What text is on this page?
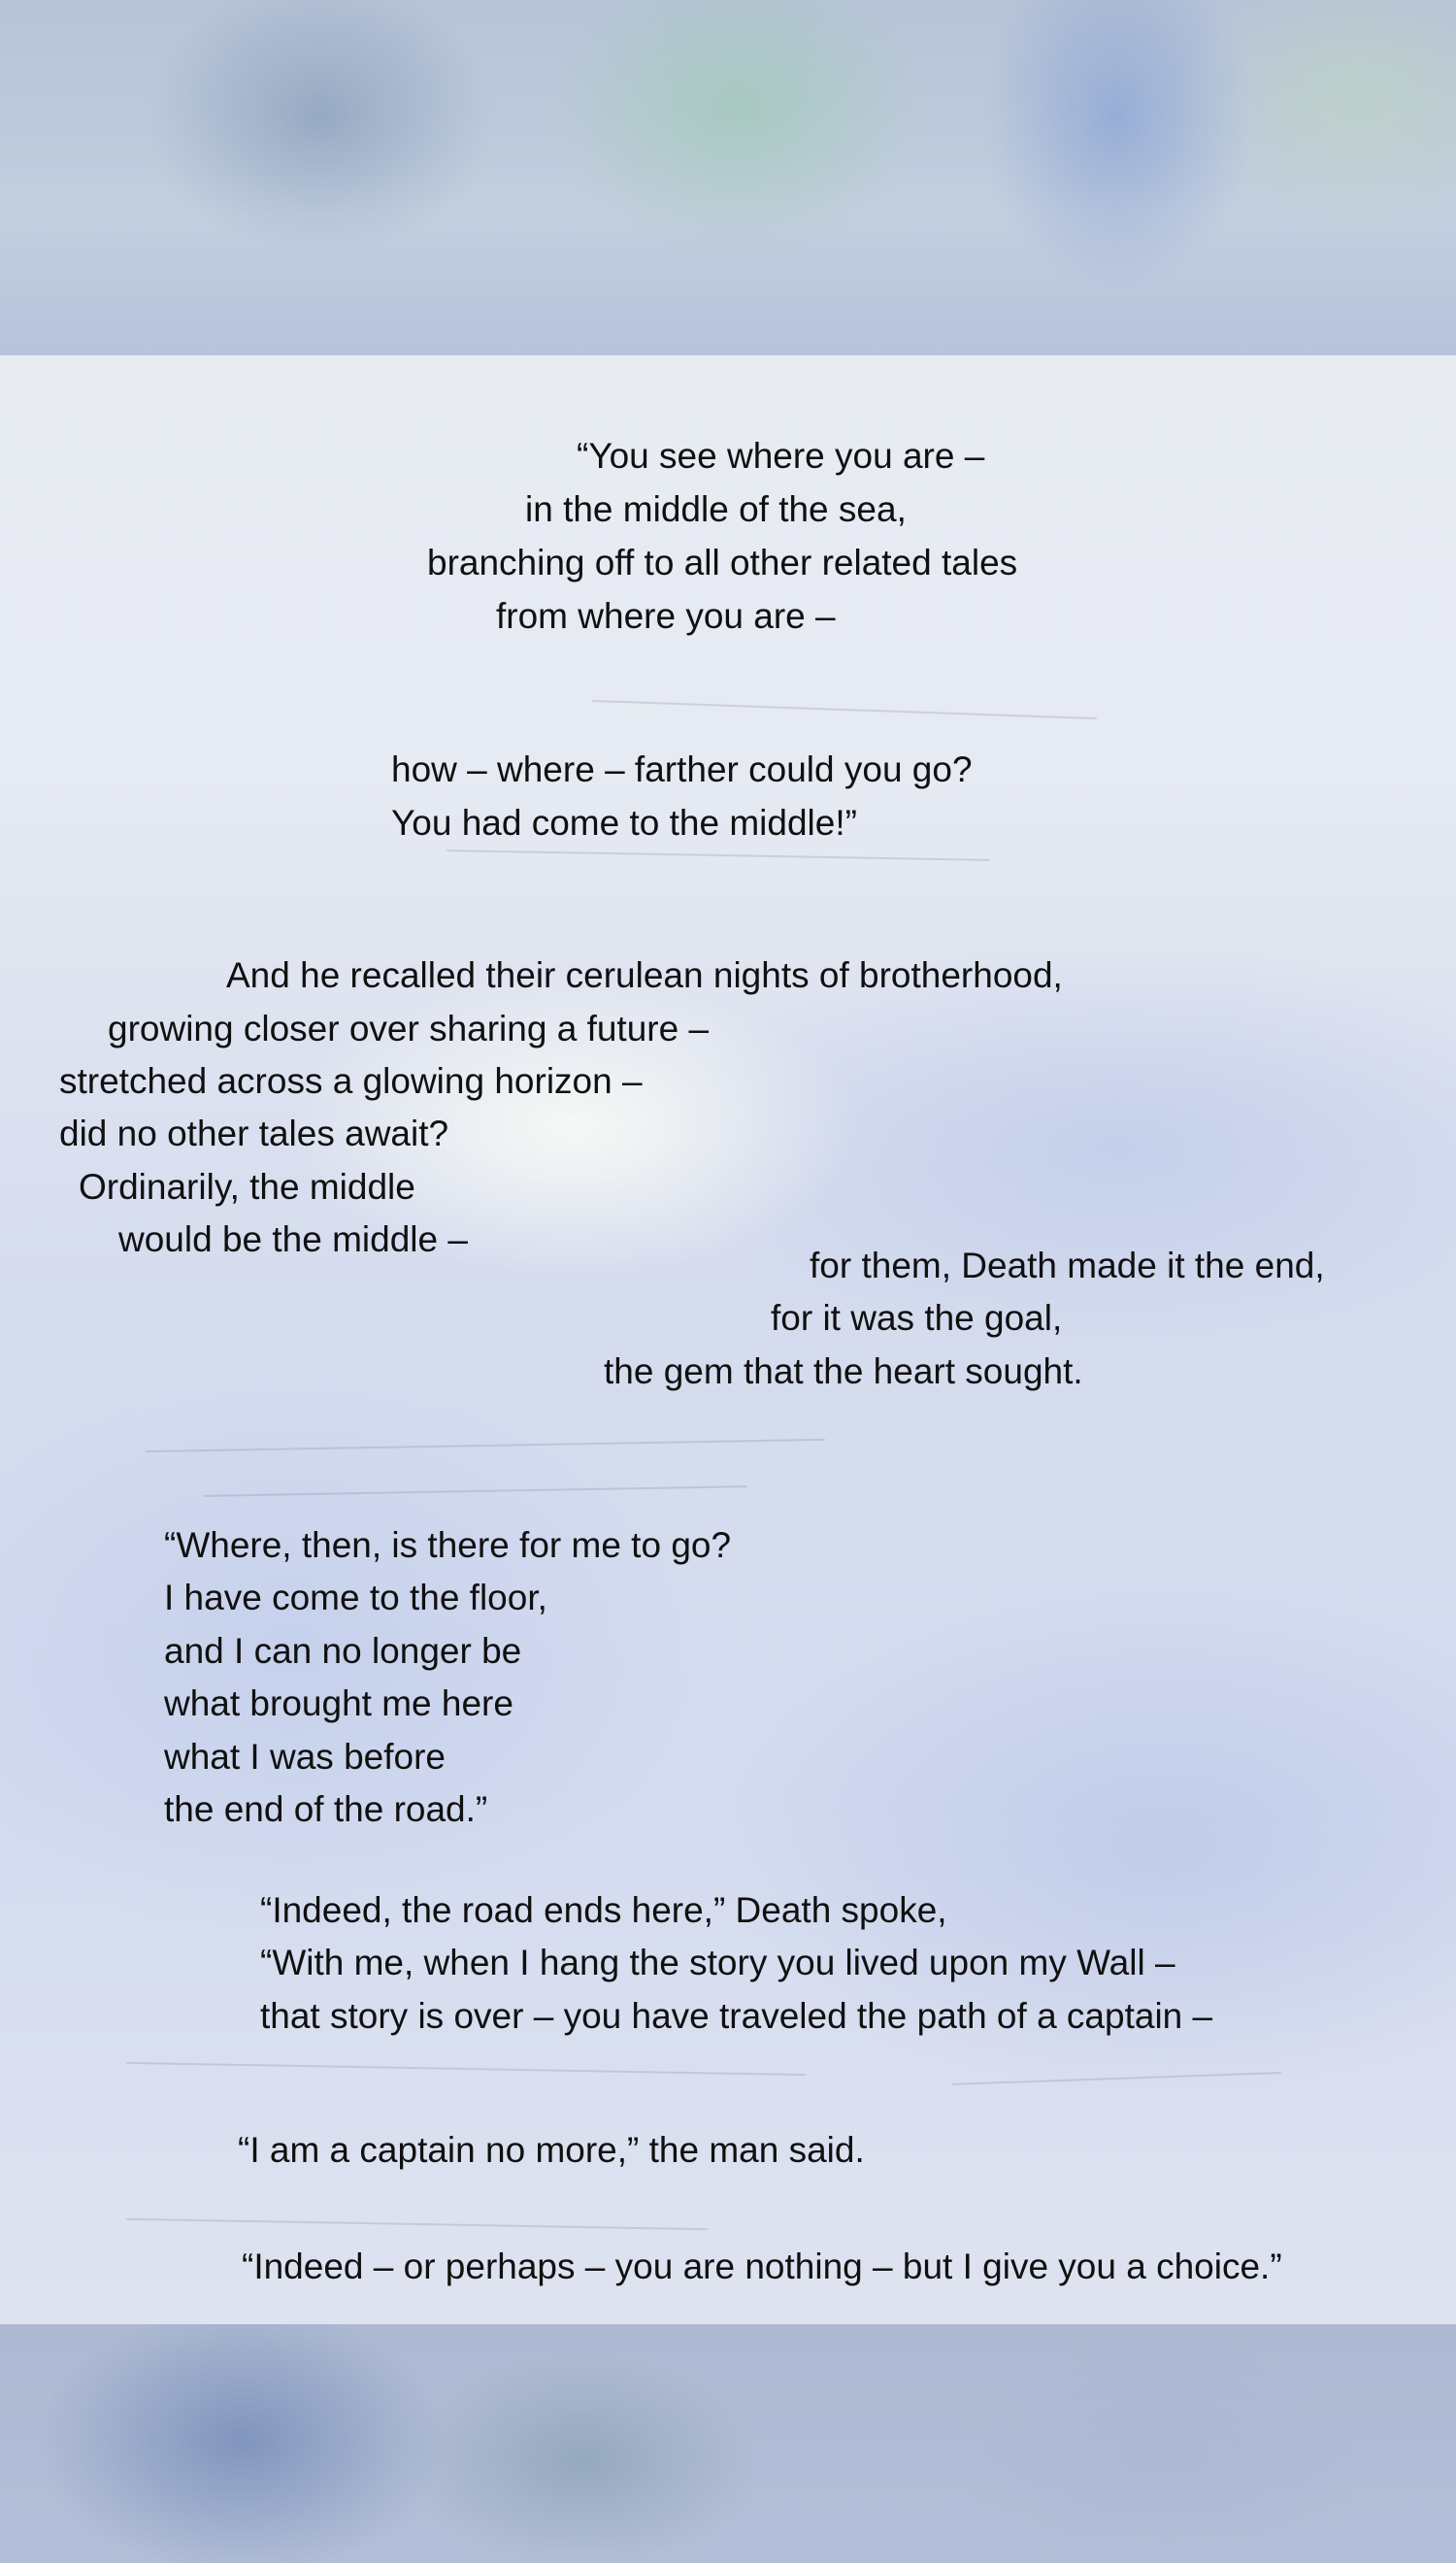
“You see where you are –

in the middle of the sea,

branching off to all other related tales

from where you are –

how – where – farther could you go?

You had come to the middle!”

And he recalled their cerulean nights of brotherhood,

growing closer over sharing a future –

stretched across a glowing horizon –

did no other tales await?

Ordinarily, the middle

would be the middle –

for them, Death made it the end,

for it was the goal,

the gem that the heart sought.

“Where, then, is there for me to go?

I have come to the floor,

and I can no longer be

what brought me here

what I was before

the end of the road.”

“Indeed, the road ends here,” Death spoke,

“With me, when I hang the story you lived upon my Wall –

that story is over – you have traveled the path of a captain –

“I am a captain no more,” the man said.

“Indeed – or perhaps – you are nothing – but I give you a choice.”
